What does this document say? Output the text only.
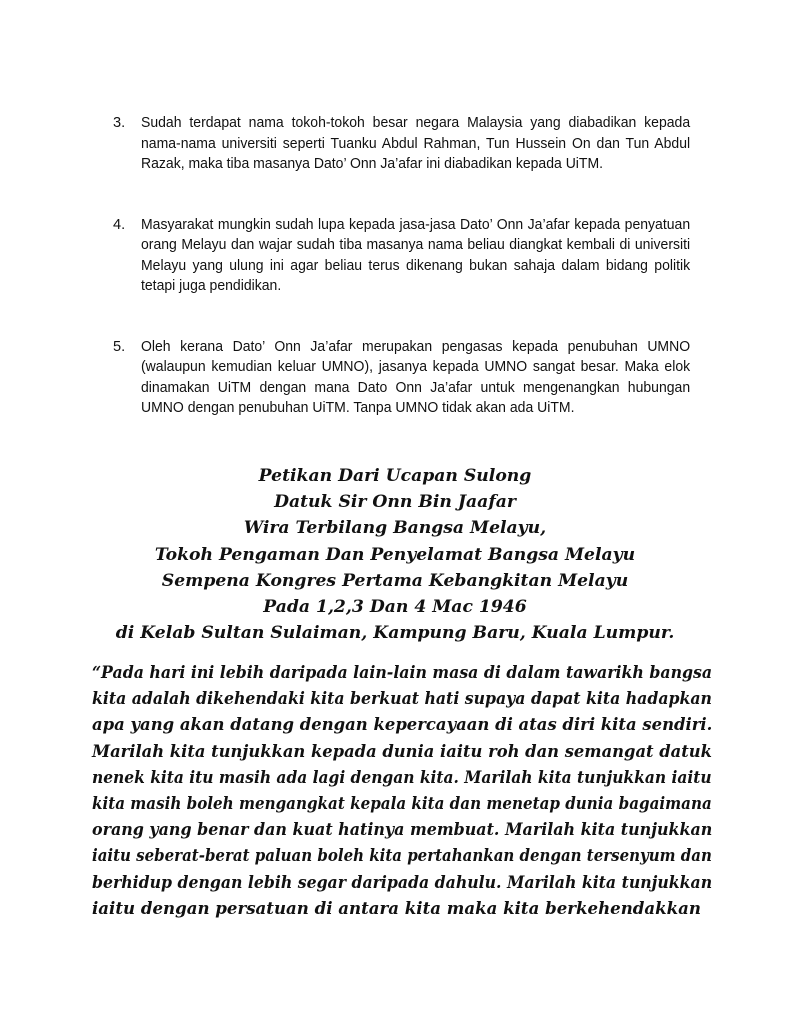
3. Sudah terdapat nama tokoh-tokoh besar negara Malaysia yang diabadikan kepada nama-nama universiti seperti Tuanku Abdul Rahman, Tun Hussein On dan Tun Abdul Razak, maka tiba masanya Dato’ Onn Ja’afar ini diabadikan kepada UiTM.
4. Masyarakat mungkin sudah lupa kepada jasa-jasa Dato’ Onn Ja’afar kepada penyatuan orang Melayu dan wajar sudah tiba masanya nama beliau diangkat kembali di universiti Melayu yang ulung ini agar beliau terus dikenang bukan sahaja dalam bidang politik tetapi juga pendidikan.
5. Oleh kerana Dato’ Onn Ja’afar merupakan pengasas kepada penubuhan UMNO (walaupun kemudian keluar UMNO), jasanya kepada UMNO sangat besar. Maka elok dinamakan UiTM dengan mana Dato Onn Ja’afar untuk mengenangkan hubungan UMNO dengan penubuhan UiTM. Tanpa UMNO tidak akan ada UiTM.
Petikan Dari Ucapan Sulong
Datuk Sir Onn Bin Jaafar
Wira Terbilang Bangsa Melayu,
Tokoh Pengaman Dan Penyelamat Bangsa Melayu
Sempena Kongres Pertama Kebangkitan Melayu
Pada 1,2,3 Dan 4 Mac 1946
di Kelab Sultan Sulaiman, Kampung Baru, Kuala Lumpur.
“Pada hari ini lebih daripada lain-lain masa di dalam tawarikh bangsa
kita adalah dikehendaki kita berkuat hati supaya dapat kita hadapkan
apa yang akan datang dengan kepercayaan di atas diri kita sendiri.
Marilah kita tunjukkan kepada dunia iaitu roh dan semangat datuk
nenek kita itu masih ada lagi dengan kita. Marilah kita tunjukkan iaitu
kita masih boleh mengangkat kepala kita dan menetap dunia bagaimana
orang yang benar dan kuat hatinya membuat. Marilah kita tunjukkan
iaitu seberat-berat paluan boleh kita pertahankan dengan tersenyum dan
berhidup dengan lebih segar daripada dahulu. Marilah kita tunjukkan
iaitu dengan persatuan di antara kita maka kita berkehendakkan
